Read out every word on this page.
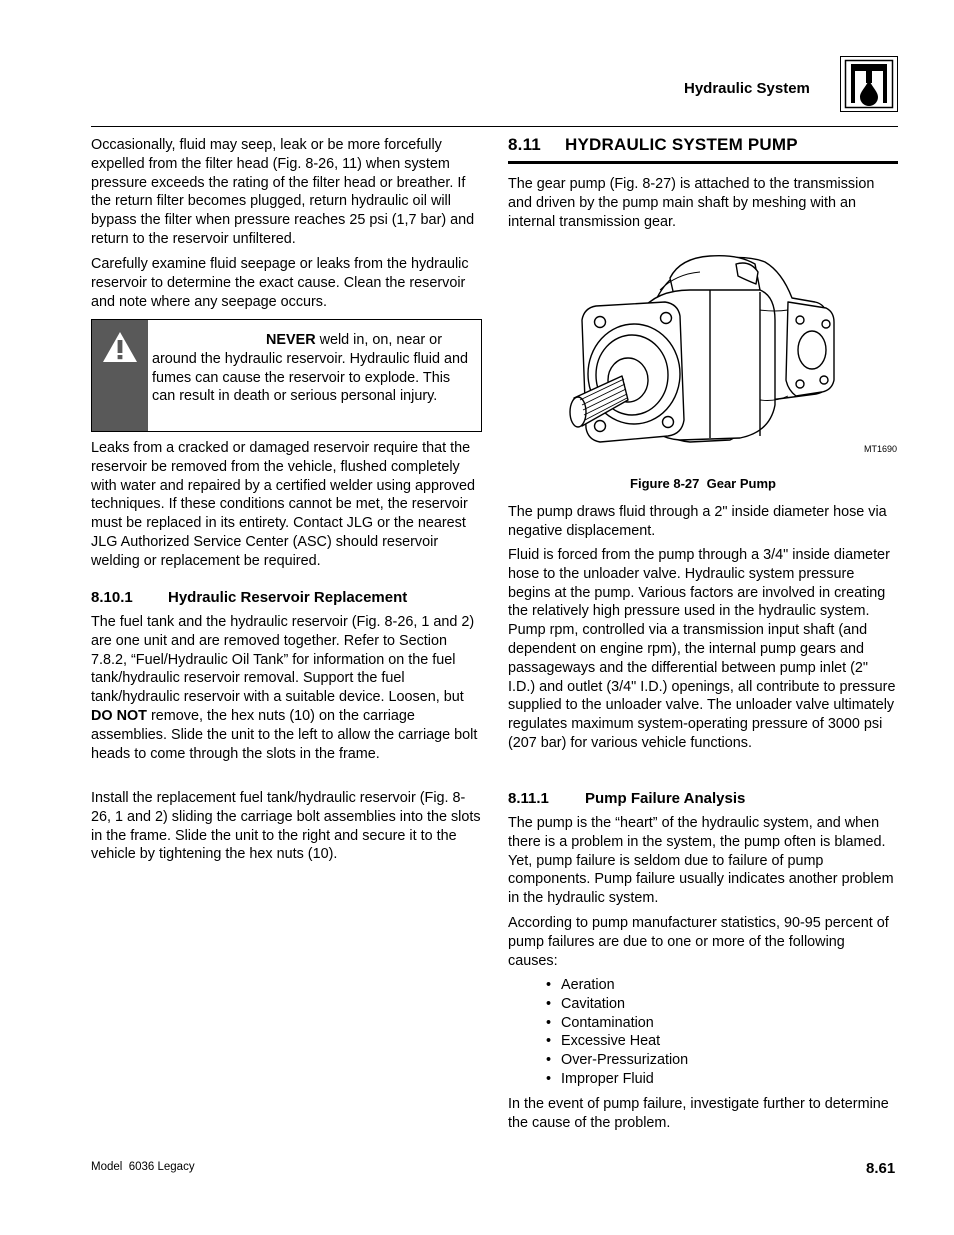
Hydraulic System

Occasionally, fluid may seep, leak or be more forcefully expelled from the filter head (Fig. 8-26, 11) when system pressure exceeds the rating of the filter head or breather. If the return filter becomes plugged, return hydraulic oil will bypass the filter when pressure reaches 25 psi (1,7 bar) and return to the reservoir unfiltered.

Carefully examine fluid seepage or leaks from the hydraulic reservoir to determine the exact cause. Clean the reservoir and note where any seepage occurs.

NEVER weld in, on, near or around the hydraulic reservoir. Hydraulic fluid and fumes can cause the reservoir to explode. This can result in death or serious personal injury.

Leaks from a cracked or damaged reservoir require that the reservoir be removed from the vehicle, flushed completely with water and repaired by a certified welder using approved techniques. If these conditions cannot be met, the reservoir must be replaced in its entirety. Contact JLG or the nearest JLG Authorized Service Center (ASC) should reservoir welding or replacement be required.

8.10.1 Hydraulic Reservoir Replacement

The fuel tank and the hydraulic reservoir (Fig. 8-26, 1 and 2) are one unit and are removed together. Refer to Section 7.8.2, “Fuel/Hydraulic Oil Tank” for information on the fuel tank/hydraulic reservoir removal. Support the fuel tank/hydraulic reservoir with a suitable device. Loosen, but DO NOT remove, the hex nuts (10) on the carriage assemblies. Slide the unit to the left to allow the carriage bolt heads to come through the slots in the frame.

Install the replacement fuel tank/hydraulic reservoir (Fig. 8-26, 1 and 2) sliding the carriage bolt assemblies into the slots in the frame. Slide the unit to the right and secure it to the vehicle by tightening the hex nuts (10).

8.11 HYDRAULIC SYSTEM PUMP

The gear pump (Fig. 8-27) is attached to the transmission and driven by the pump main shaft by meshing with an internal transmission gear.

MT1690
Figure 8-27  Gear Pump

The pump draws fluid through a 2" inside diameter hose via negative displacement.

Fluid is forced from the pump through a 3/4" inside diameter hose to the unloader valve. Hydraulic system pressure begins at the pump. Various factors are involved in creating the relatively high pressure used in the hydraulic system. Pump rpm, controlled via a transmission input shaft (and dependent on engine rpm), the internal pump gears and passageways and the differential between pump inlet (2" I.D.) and outlet (3/4" I.D.) openings, all contribute to pressure supplied to the unloader valve. The unloader valve ultimately regulates maximum system-operating pressure of 3000 psi (207 bar) for various vehicle functions.

8.11.1 Pump Failure Analysis

The pump is the “heart” of the hydraulic system, and when there is a problem in the system, the pump often is blamed. Yet, pump failure is seldom due to failure of pump components. Pump failure usually indicates another problem in the hydraulic system.

According to pump manufacturer statistics, 90-95 percent of pump failures are due to one or more of the following causes:

• Aeration
• Cavitation
• Contamination
• Excessive Heat
• Over-Pressurization
• Improper Fluid

In the event of pump failure, investigate further to determine the cause of the problem.

Model  6036 Legacy	8.61
